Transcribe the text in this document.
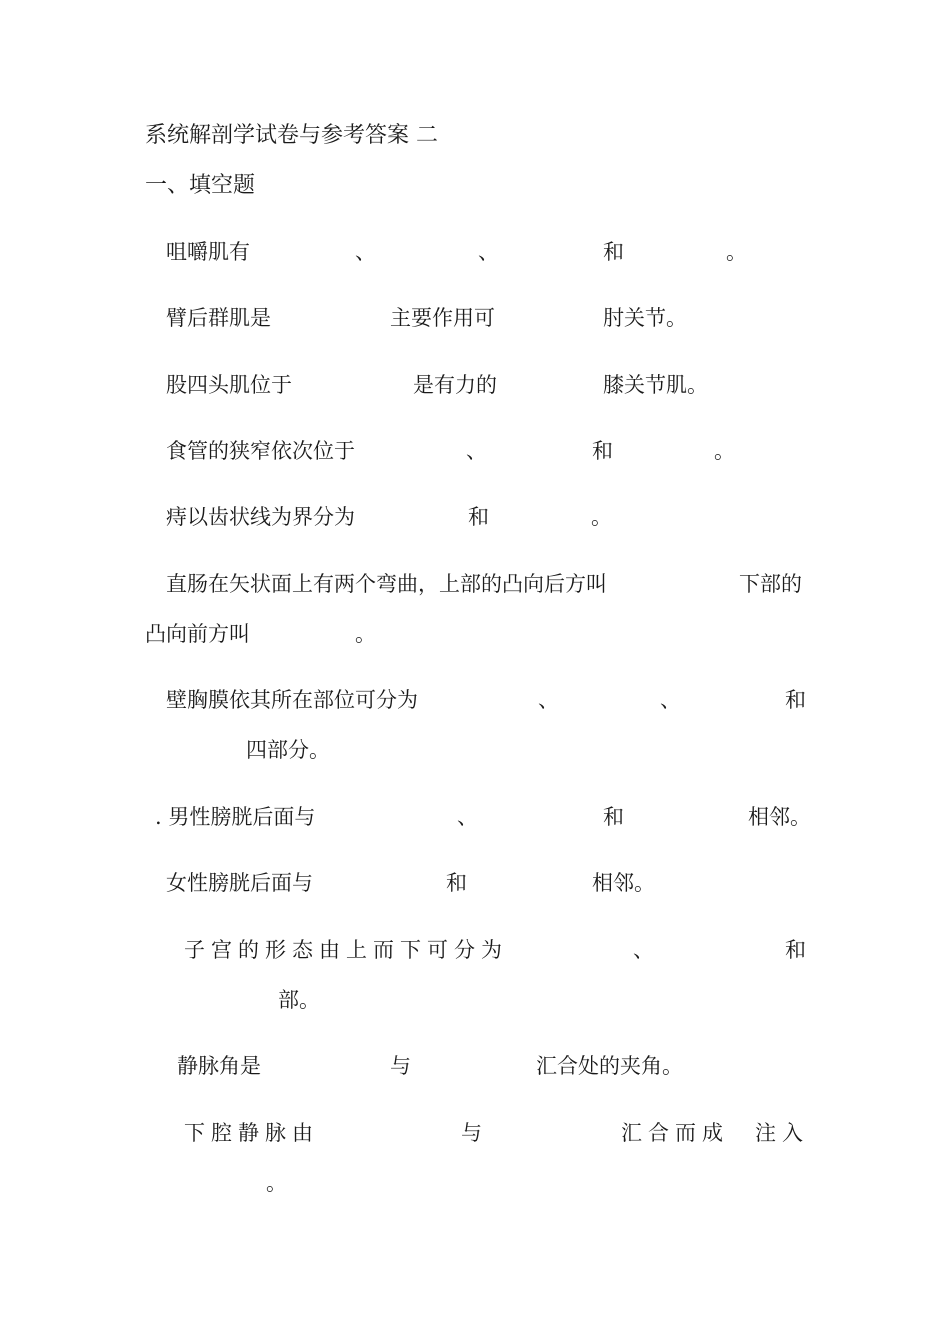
系统解剖学试卷与参考答案 二
一、填空题
咀嚼肌有	、	、	和	。
臂后群肌是	主要作用可	肘关节。
股四头肌位于	是有力的	膝关节肌。
食管的狭窄依次位于	、	和	。
痔以齿状线为界分为	和	。
直肠在矢状面上有两个弯曲，上部的凸向后方叫	下部的
凸向前方叫	。
壁胸膜依其所在部位可分为	、	、	和
四部分。
. 男性膀胱后面与	、	和	相邻。
女性膀胱后面与	和	相邻。
子宫的形态由上而下可分为	、	和
部。
静脉角是	与	汇合处的夹角。
下腔静脉由	与	汇合而成 注入
。
